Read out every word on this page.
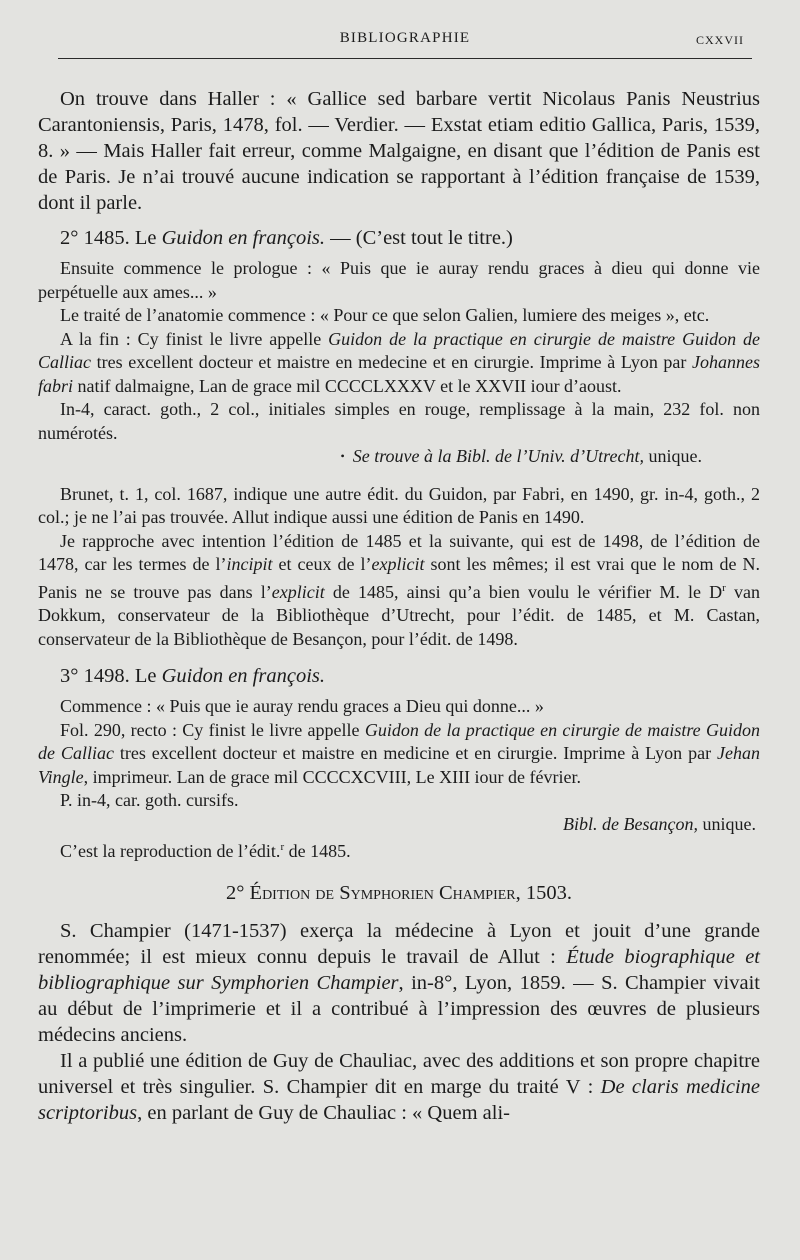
BIBLIOGRAPHIE	CXXVII

On trouve dans Haller : « Gallice sed barbare vertit Nicolaus Panis Neustrius Carantoniensis, Paris, 1478, fol. — Verdier. — Exstat etiam editio Gallica, Paris, 1539, 8. » — Mais Haller fait erreur, comme Malgaigne, en disant que l’édition de Panis est de Paris. Je n’ai trouvé aucune indication se rapportant à l’édition française de 1539, dont il parle.

2° 1485. Le Guidon en françois. — (C’est tout le titre.)

Ensuite commence le prologue : « Puis que ie auray rendu graces à dieu qui donne vie perpétuelle aux ames... »

Le traité de l’anatomie commence : « Pour ce que selon Galien, lumiere des meiges », etc.

A la fin : Cy finist le livre appelle Guidon de la practique en cirurgie de maistre Guidon de Calliac tres excellent docteur et maistre en medecine et en cirurgie. Imprime à Lyon par Johannes fabri natif dalmaigne, Lan de grace mil CCCCLXXXV et le XXVII iour d’aoust.

In-4, caract. goth., 2 col., initiales simples en rouge, remplissage à la main, 232 fol. non numérotés.

• Se trouve à la Bibl. de l’Univ. d’Utrecht, unique.

Brunet, t. 1, col. 1687, indique une autre édit. du Guidon, par Fabri, en 1490, gr. in-4, goth., 2 col.; je ne l’ai pas trouvée. Allut indique aussi une édition de Panis en 1490.

Je rapproche avec intention l’édition de 1485 et la suivante, qui est de 1498, de l’édition de 1478, car les termes de l’incipit et ceux de l’explicit sont les mêmes; il est vrai que le nom de N. Panis ne se trouve pas dans l’explicit de 1485, ainsi qu’a bien voulu le vérifier M. le $D^r$ van Dokkum, conservateur de la Bibliothèque d’Utrecht, pour l’édit. de 1485, et M. Castan, conservateur de la Bibliothèque de Besançon, pour l’édit. de 1498.

3° 1498. Le Guidon en françois.

Commence : « Puis que ie auray rendu graces a Dieu qui donne... »

Fol. 290, recto : Cy finist le livre appelle Guidon de la practique en cirurgie de maistre Guidon de Calliac tres excellent docteur et maistre en medicine et en cirurgie. Imprime à Lyon par Jehan Vingle, imprimeur. Lan de grace mil CCCCXCVIII, Le XIII iour de février.

P. in-4, car. goth. cursifs.

Bibl. de Besançon, unique.

C’est la reproduction de l’édit.$^r$ de 1485.

2° Édition de Symphorien Champier, 1503.

S. Champier (1471-1537) exerça la médecine à Lyon et jouit d’une grande renommée; il est mieux connu depuis le travail de Allut : Étude biographique et bibliographique sur Symphorien Champier, in-8°, Lyon, 1859. — S. Champier vivait au début de l’imprimerie et il a contribué à l’impression des œuvres de plusieurs médecins anciens.

Il a publié une édition de Guy de Chauliac, avec des additions et son propre chapitre universel et très singulier. S. Champier dit en marge du traité V : De claris medicine scriptoribus, en parlant de Guy de Chauliac : « Quem ali-
